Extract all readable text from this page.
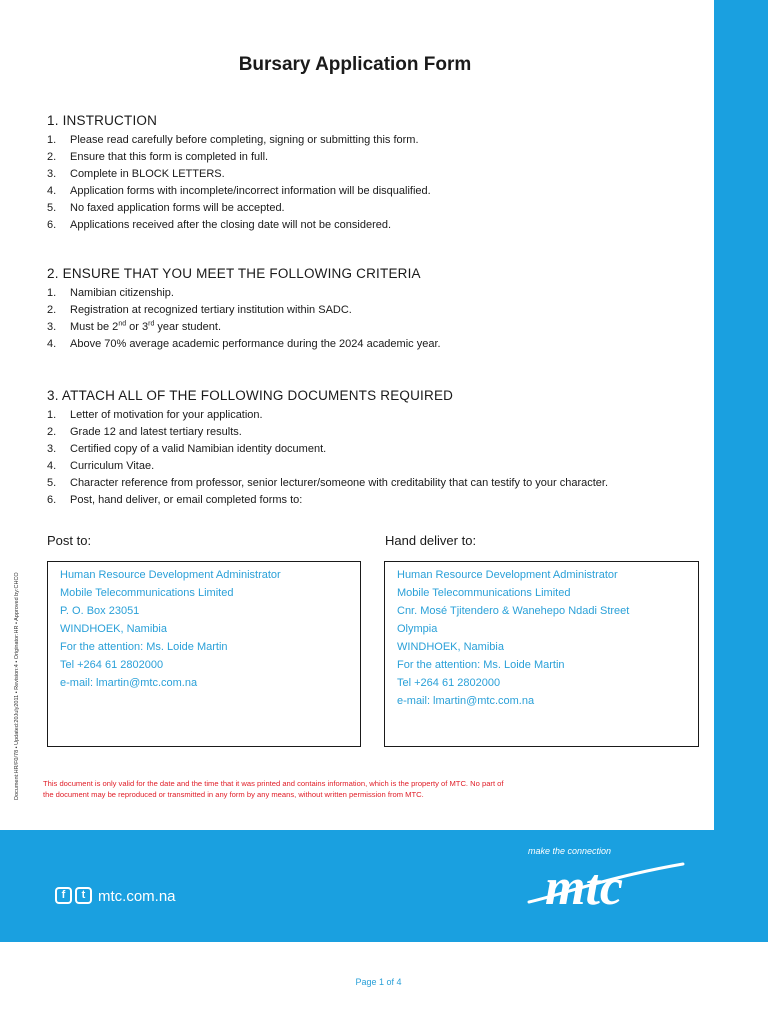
Bursary Application Form
1. INSTRUCTION
1.	Please read carefully before completing, signing or submitting this form.
2.	Ensure that this form is completed in full.
3.	Complete in BLOCK LETTERS.
4.	Application forms with incomplete/incorrect information will be disqualified.
5.	No faxed application forms will be accepted.
6.	Applications received after the closing date will not be considered.
2. ENSURE THAT YOU MEET THE FOLLOWING CRITERIA
1.	Namibian citizenship.
2.	Registration at recognized tertiary institution within SADC.
3.	Must be 2nd or 3rd year student.
4.	Above 70% average academic performance during the 2024 academic year.
3. ATTACH ALL OF THE FOLLOWING DOCUMENTS REQUIRED
1.	Letter of motivation for your application.
2.	Grade 12 and latest tertiary results.
3.	Certified copy of a valid Namibian identity document.
4.	Curriculum Vitae.
5.	Character reference from professor, senior lecturer/someone with creditability that can testify to your character.
6.	Post, hand deliver, or email completed forms to:
Post to:
Human Resource Development Administrator
Mobile Telecommunications Limited
P. O. Box 23051
WINDHOEK, Namibia
For the attention: Ms. Loide Martin
Tel +264 61 2802000
e-mail: lmartin@mtc.com.na
Hand deliver to:
Human Resource Development Administrator
Mobile Telecommunications Limited
Cnr. Mosé Tjitendero & Wanehepo Ndadi Street
Olympia
WINDHOEK, Namibia
For the attention: Ms. Loide Martin
Tel +264 61 2802000
e-mail: lmartin@mtc.com.na
This document is only valid for the date and the time that it was printed and contains information, which is the property of MTC. No part of
the document may be reproduced or transmitted in any form by any means, without written permission from MTC.
Document:HR/F0/78 • Updated:20July2011 • Revision:4 • Originator:HR • Approved by:CHCO
f	t mtc.com.na
make the connection
mtc
Page 1 of 4
